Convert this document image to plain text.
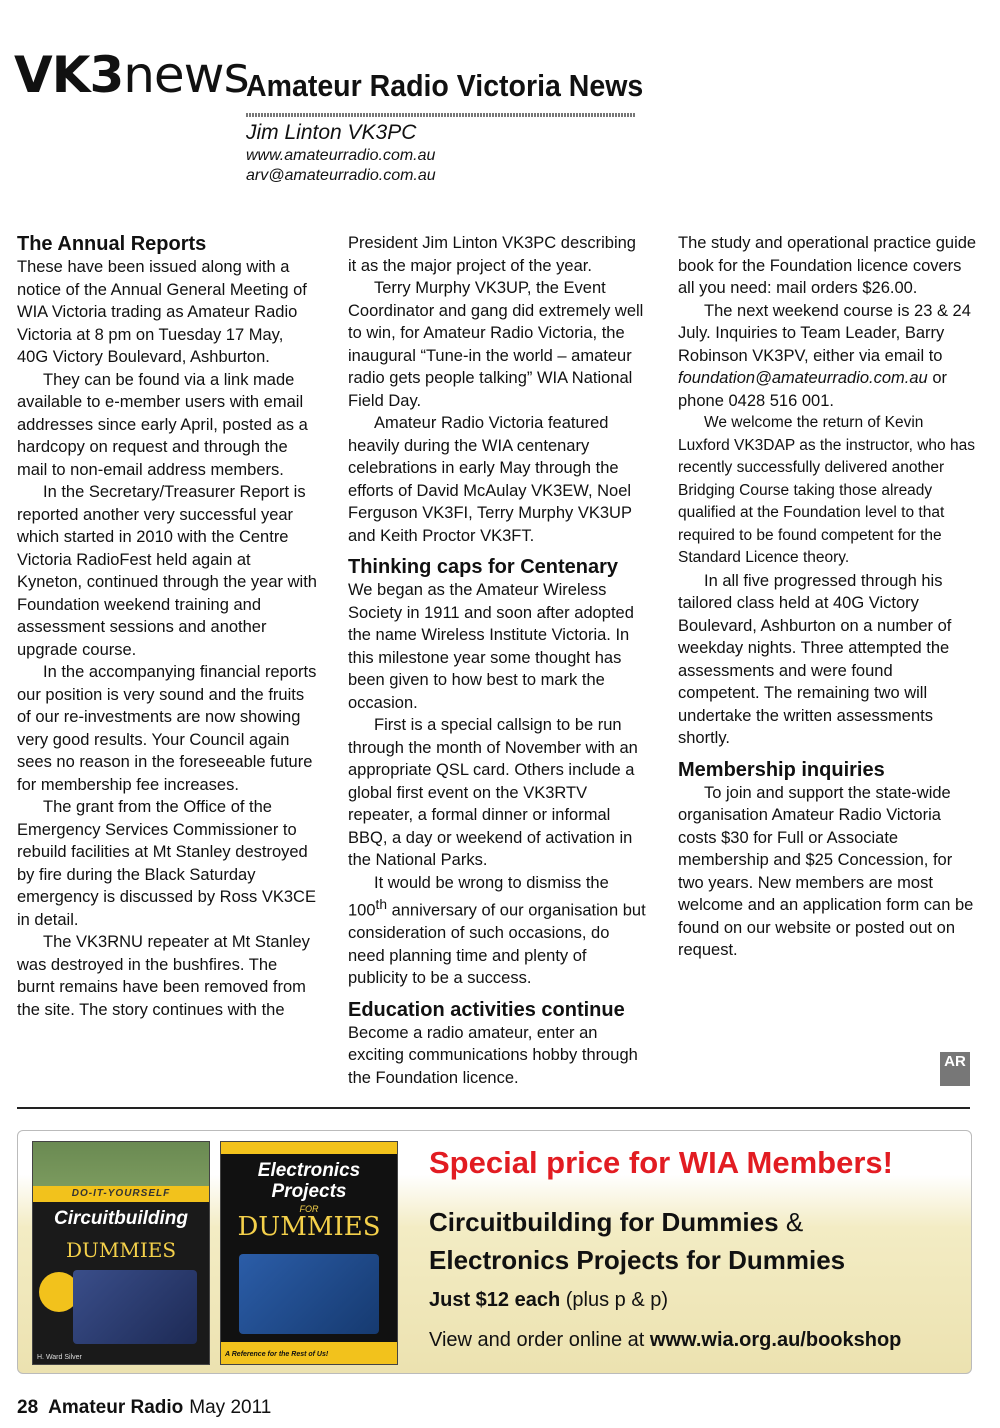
VK3news
Amateur Radio Victoria News
Jim Linton VK3PC
www.amateurradio.com.au
arv@amateurradio.com.au
The Annual Reports

These have been issued along with a notice of the Annual General Meeting of WIA Victoria trading as Amateur Radio Victoria at 8 pm on Tuesday 17 May, 40G Victory Boulevard, Ashburton.

They can be found via a link made available to e-member users with email addresses since early April, posted as a hardcopy on request and through the mail to non-email address members.

In the Secretary/Treasurer Report is reported another very successful year which started in 2010 with the Centre Victoria RadioFest held again at Kyneton, continued through the year with Foundation weekend training and assessment sessions and another upgrade course.

In the accompanying financial reports our position is very sound and the fruits of our re-investments are now showing very good results. Your Council again sees no reason in the foreseeable future for membership fee increases.

The grant from the Office of the Emergency Services Commissioner to rebuild facilities at Mt Stanley destroyed by fire during the Black Saturday emergency is discussed by Ross VK3CE in detail.

The VK3RNU repeater at Mt Stanley was destroyed in the bushfires. The burnt remains have been removed from the site. The story continues with the

President Jim Linton VK3PC describing it as the major project of the year.

Terry Murphy VK3UP, the Event Coordinator and gang did extremely well to win, for Amateur Radio Victoria, the inaugural “Tune-in the world – amateur radio gets people talking” WIA National Field Day.

Amateur Radio Victoria featured heavily during the WIA centenary celebrations in early May through the efforts of David McAulay VK3EW, Noel Ferguson VK3FI, Terry Murphy VK3UP and Keith Proctor VK3FT.

Thinking caps for Centenary

We began as the Amateur Wireless Society in 1911 and soon after adopted the name Wireless Institute Victoria. In this milestone year some thought has been given to how best to mark the occasion.

First is a special callsign to be run through the month of November with an appropriate QSL card. Others include a global first event on the VK3RTV repeater, a formal dinner or informal BBQ, a day or weekend of activation in the National Parks.

It would be wrong to dismiss the 100th anniversary of our organisation but consideration of such occasions, do need planning time and plenty of publicity to be a success.

Education activities continue

Become a radio amateur, enter an exciting communications hobby through the Foundation licence.

The study and operational practice guide book for the Foundation licence covers all you need: mail orders $26.00.

The next weekend course is 23 & 24 July. Inquiries to Team Leader, Barry Robinson VK3PV, either via email to foundation@amateurradio.com.au or phone 0428 516 001.

We welcome the return of Kevin Luxford VK3DAP as the instructor, who has recently successfully delivered another Bridging Course taking those already qualified at the Foundation level to that required to be found competent for the Standard Licence theory.

In all five progressed through his tailored class held at 40G Victory Boulevard, Ashburton on a number of weekday nights. Three attempted the assessments and were found competent. The remaining two will undertake the written assessments shortly.

Membership inquiries

To join and support the state-wide organisation Amateur Radio Victoria costs $30 for Full or Associate membership and $25 Concession, for two years. New members are most welcome and an application form can be found on our website or posted out on request.

AR
DO-IT-YOURSELF
Circuitbuilding
DUMMIES
H. Ward Silver
Electronics
Projects
FOR
DUMMIES
A Reference for the Rest of Us!
Special price for WIA Members!
Circuitbuilding for Dummies &
Electronics Projects for Dummies
Just $12 each (plus p & p)
View and order online at www.wia.org.au/bookshop
28 Amateur Radio May 2011
